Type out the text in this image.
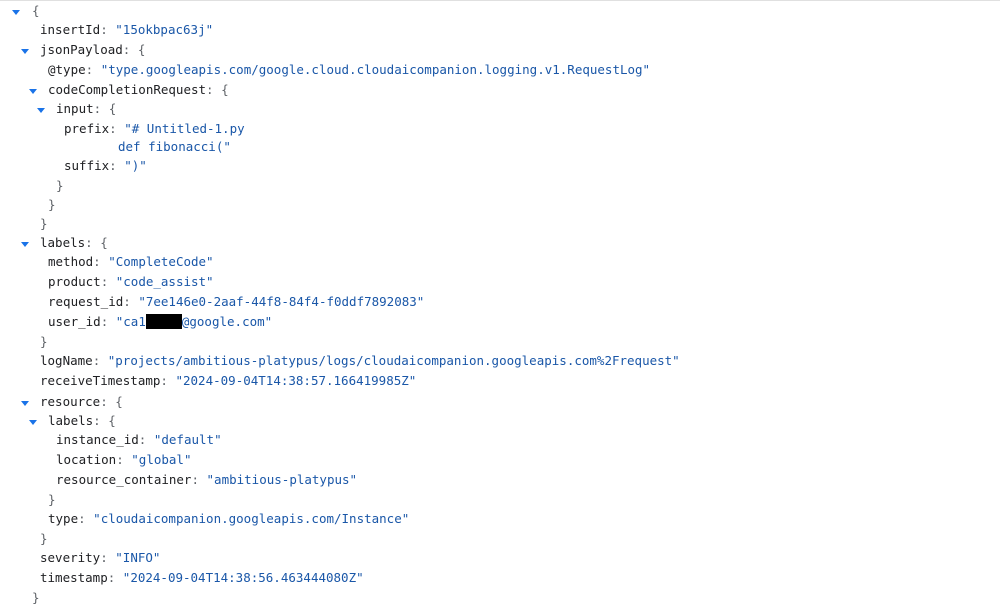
{
insertId: "15okbpac63j"
jsonPayload: {
@type: "type.googleapis.com/google.cloud.cloudaicompanion.logging.v1.RequestLog"
codeCompletionRequest: {
input: {
prefix: "# Untitled-1.py
def fibonacci("
suffix: ")"
}
}
}
labels: {
method: "CompleteCode"
product: "code_assist"
request_id: "7ee146e0-2aaf-44f8-84f4-f0ddf7892083"
user_id: "ca1	@google.com"
}
logName: "projects/ambitious-platypus/logs/cloudaicompanion.googleapis.com%2Frequest"
receiveTimestamp: "2024-09-04T14:38:57.166419985Z"
resource: {
labels: {
instance_id: "default"
location: "global"
resource_container: "ambitious-platypus"
}
type: "cloudaicompanion.googleapis.com/Instance"
}
severity: "INFO"
timestamp: "2024-09-04T14:38:56.463444080Z"
}
